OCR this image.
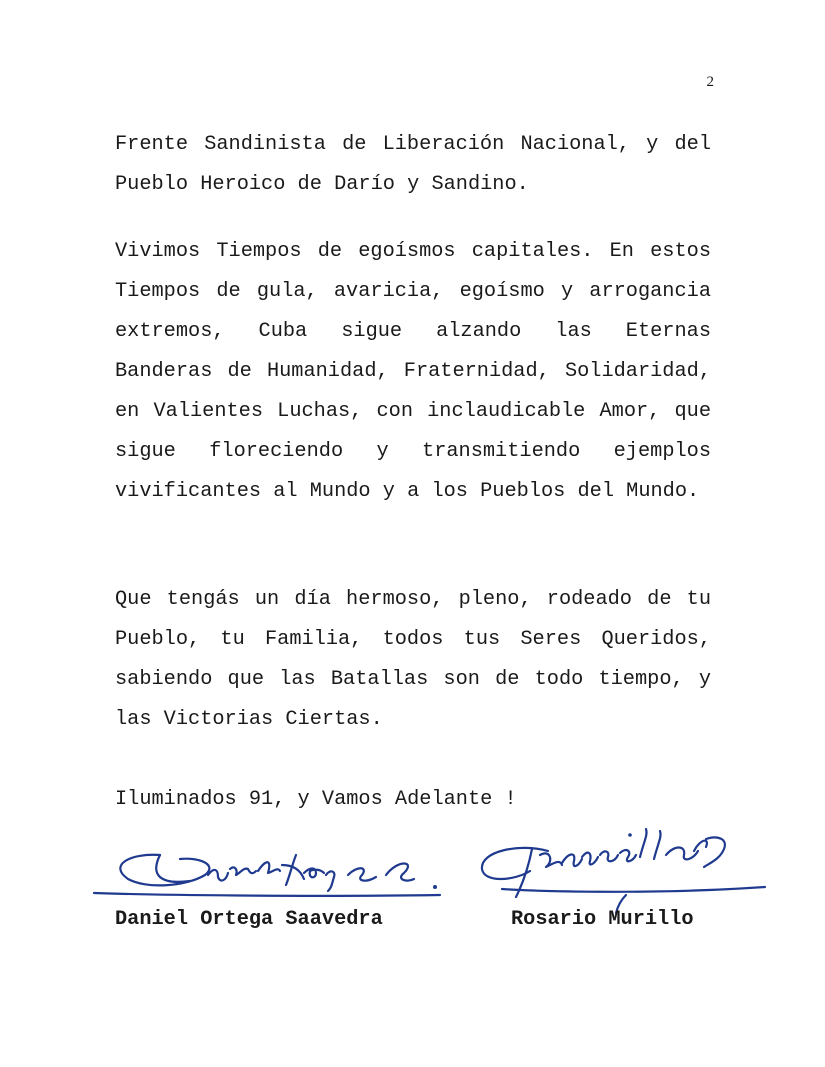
2

Frente Sandinista de Liberación Nacional, y del Pueblo Heroico de Darío y Sandino.

Vivimos Tiempos de egoísmos capitales. En estos Tiempos de gula, avaricia, egoísmo y arrogancia extremos, Cuba sigue alzando las Eternas Banderas de Humanidad, Fraternidad, Solidaridad, en Valientes Luchas, con inclaudicable Amor, que sigue floreciendo y transmitiendo ejemplos vivificantes al Mundo y a los Pueblos del Mundo.

Que tengás un día hermoso, pleno, rodeado de tu Pueblo, tu Familia, todos tus Seres Queridos, sabiendo que las Batallas son de todo tiempo, y las Victorias Ciertas.

Iluminados 91, y Vamos Adelante !

Daniel Ortega Saavedra	Rosario Murillo
